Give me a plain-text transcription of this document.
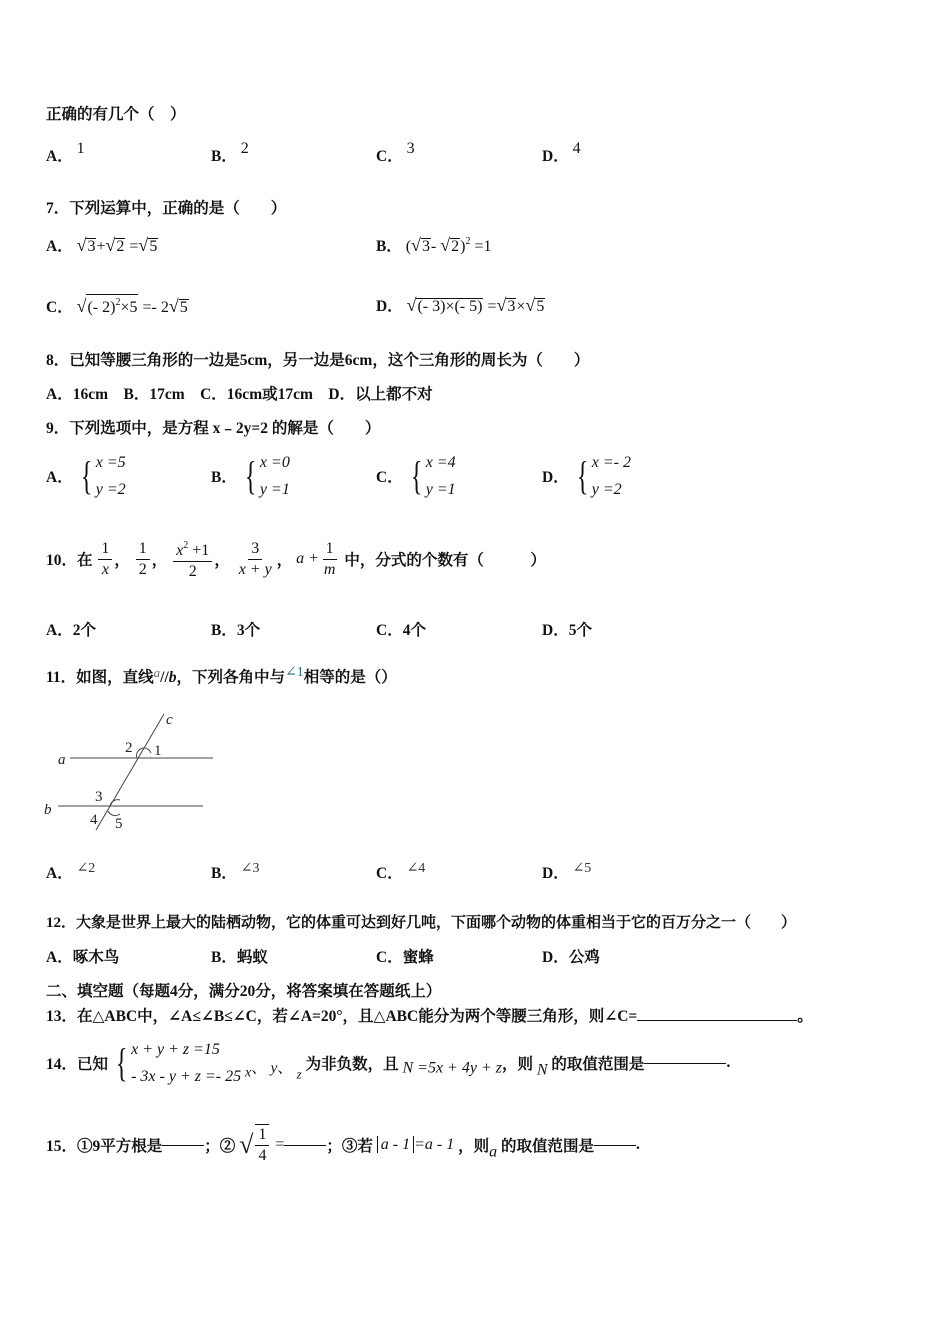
正确的有几个（　）
A． 1	B． 2	C． 3	D． 4
7．下列运算中，正确的是（　　）
A． √3+√2 =√5	B． (√3- √2)$^2$ =1
C． √(- 2)$^2$×5 =- 2√5	D． √(- 3)×(- 5) =√3×√5
8．已知等腰三角形的一边是5cm，另一边是6cm，这个三角形的周长为（　　）
A．16cm　B．17cm　C．16cm或17cm　D．以上都不对
9．下列选项中，是方程 x﹣2y=2 的解是（　　）
A． { x =5
y =2
B． { x =0
y =1
C． { x =4
y =1
D． { x =- 2
y =2
10．在 $\frac{1}{x}$ ， $\frac{1}{2}$ ， $\frac{x^2 +1}{2}$ ， $\frac{3}{x + y}$ ， $a + \frac{1}{m}$ 中，分式的个数有（　　　）
A．2个	B．3个	C．4个	D．5个
11．如图，直线$^a$//b，下列各角中与∠1相等的是（）
c
a
b
2 1
3
4 5
A． ∠2	B． ∠3	C． ∠4	D． ∠5
12．大象是世界上最大的陆栖动物，它的体重可达到好几吨，下面哪个动物的体重相当于它的百万分之一（　　）
A．啄木鸟	B．蚂蚁	C．蜜蜂	D．公鸡
二、填空题（每题4分，满分20分，将答案填在答题纸上）
13．在△ABC中，∠A≤∠B≤∠C，若∠A=20°，且△ABC能分为两个等腰三角形，则∠C=	。
14．已知 { x + y + z =15
- 3x - y + z =- 25 x、 y、 $_z$ 为非负数，且 N =5x + 4y + z，则 N 的取值范围是	.
15．①9平方根是	；② √ $\frac{1}{4}$ =	；③若 a - 1 =a - 1 ，则a 的取值范围是	.
